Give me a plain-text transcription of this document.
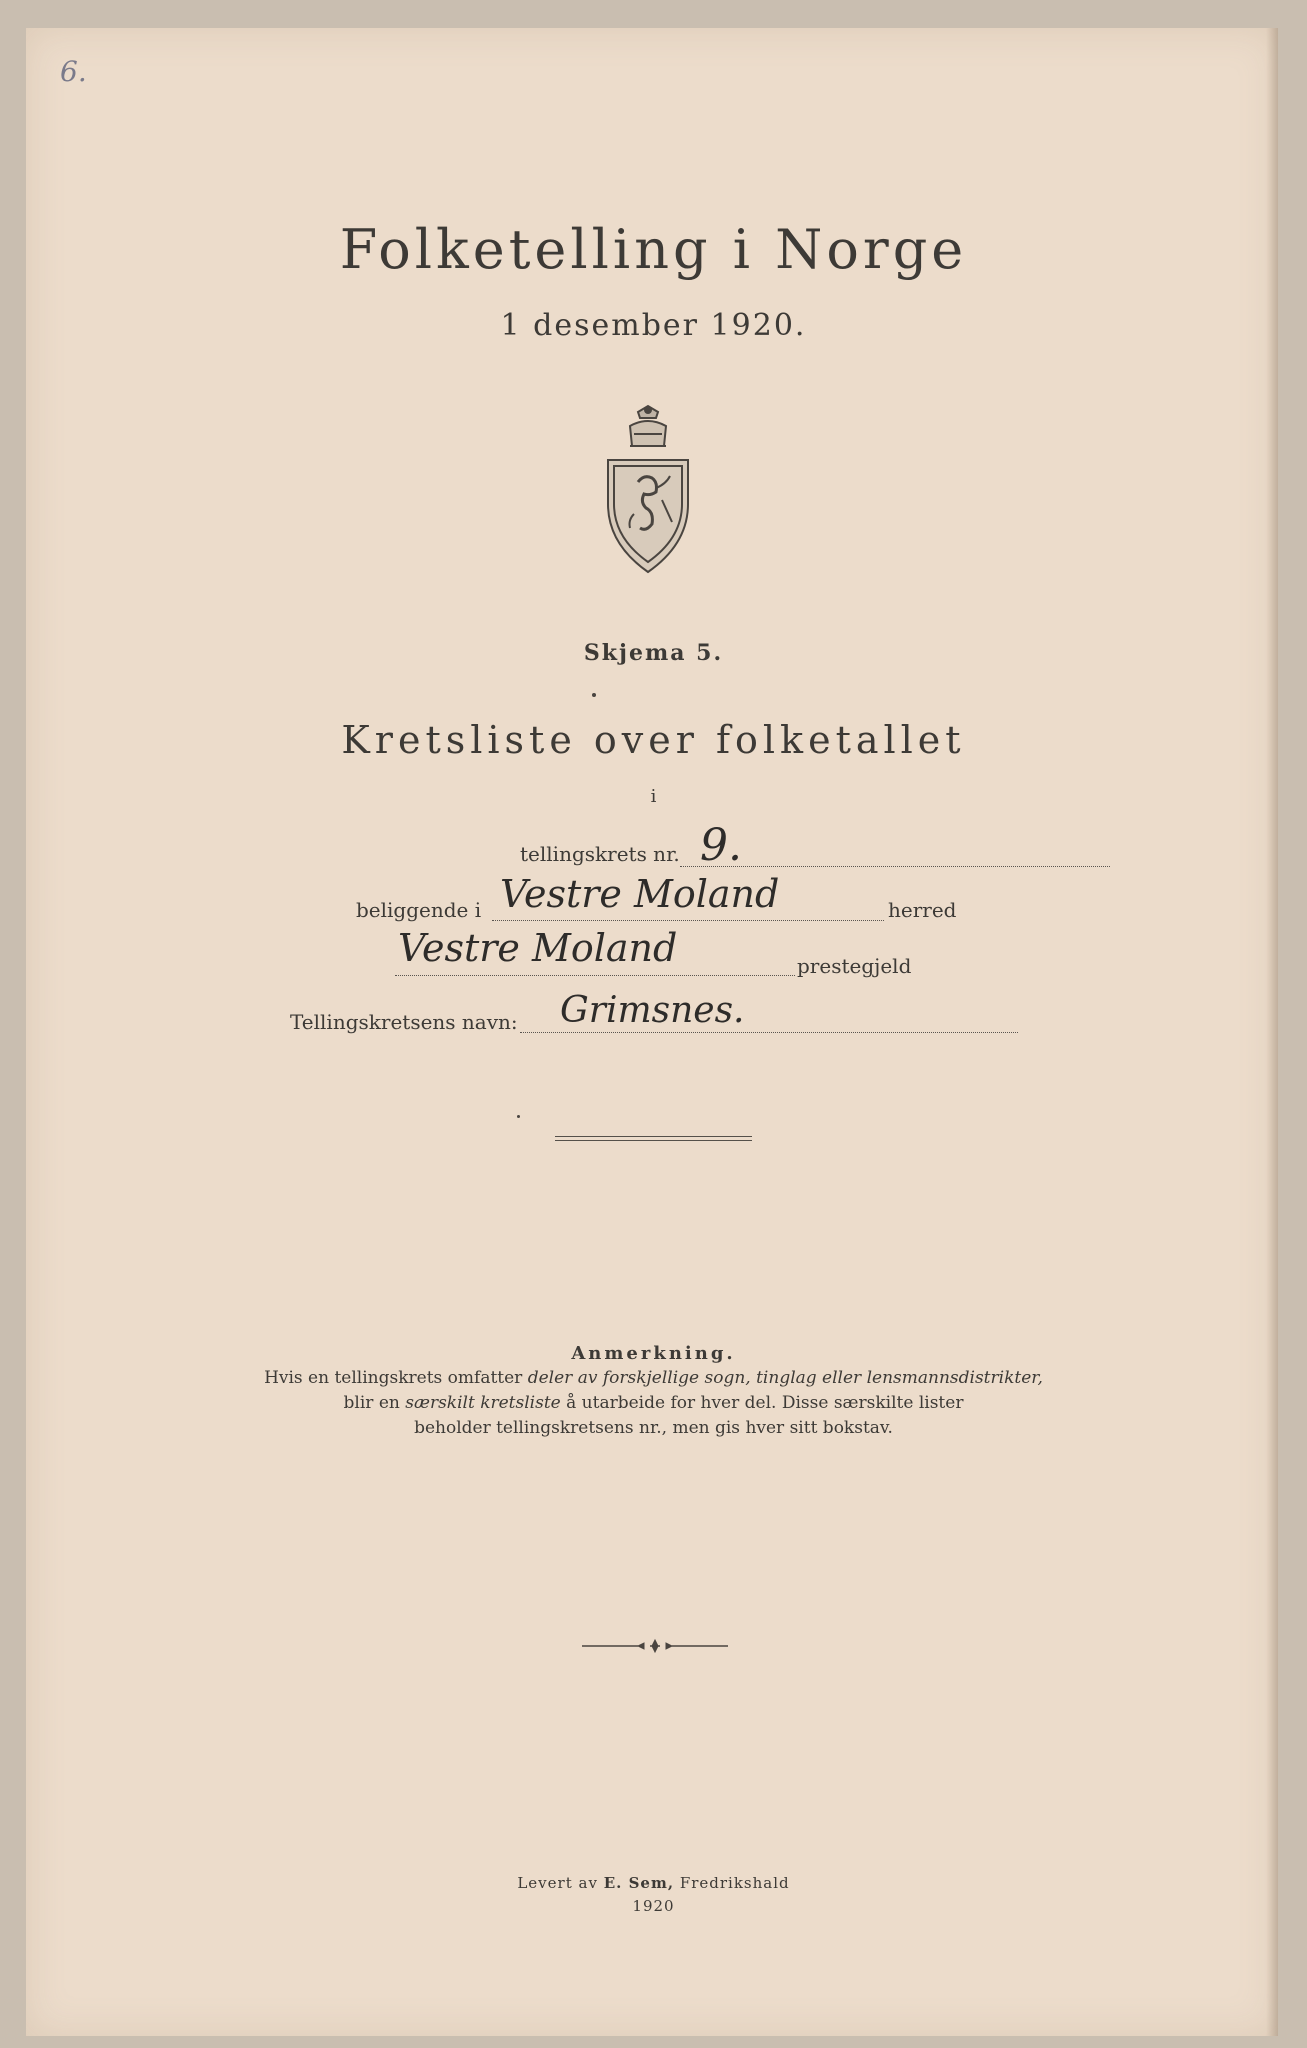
6.
Folketelling i Norge
1 desember 1920.
Skjema 5.
Kretsliste over folketallet
i
tellingskrets nr. 9.
beliggende i Vestre Moland	herred
Vestre Moland	prestegjeld
Tellingskretsens navn: Grimsnes.
Anmerkning.
Hvis en tellingskrets omfatter deler av forskjellige sogn, tinglag eller lensmannsdistrikter,
blir en særskilt kretsliste å utarbeide for hver del. Disse særskilte lister
beholder tellingskretsens nr., men gis hver sitt bokstav.
Levert av E. Sem, Fredrikshald
1920
